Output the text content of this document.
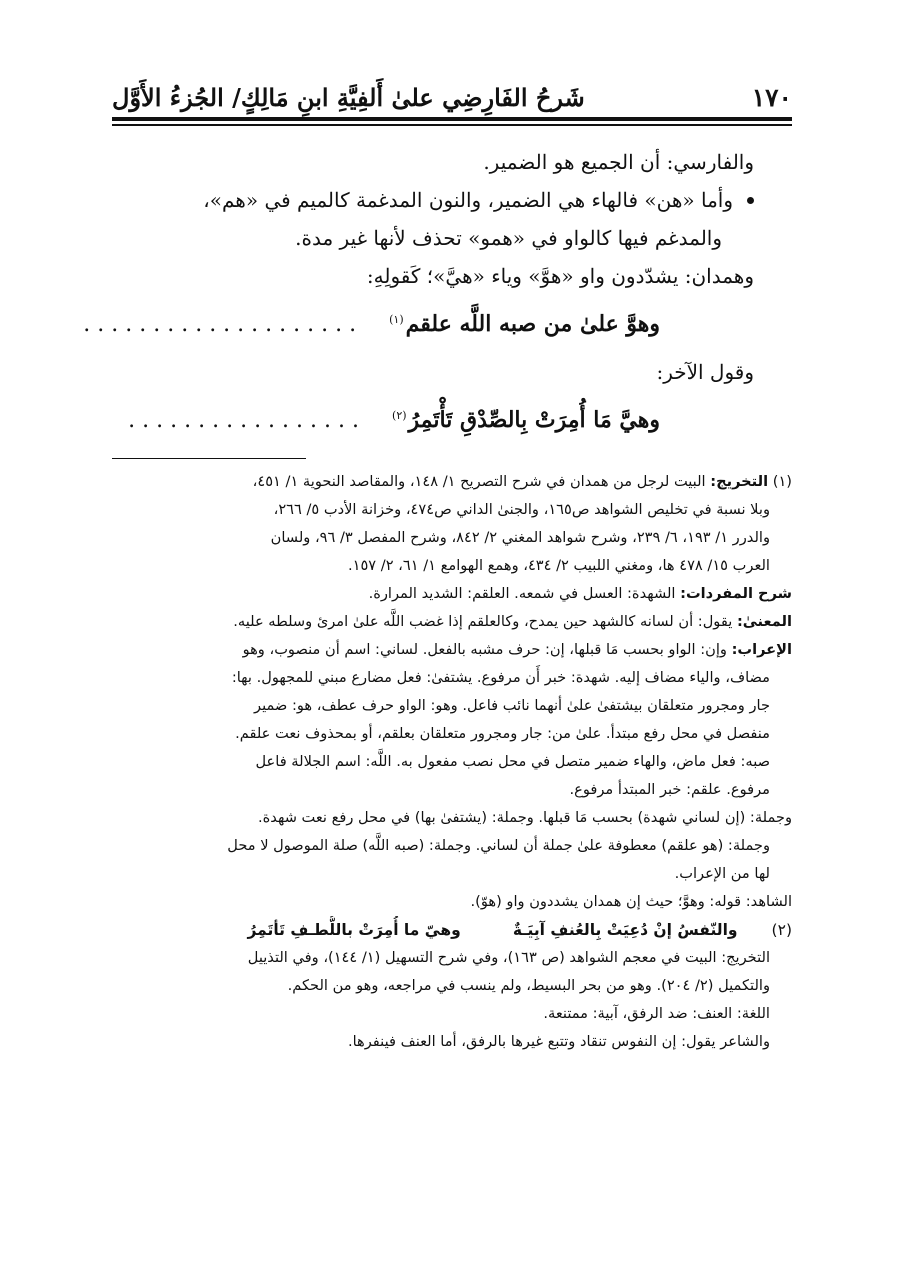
١٧٠
شَرحُ الفَارِضِي علىٰ أَلفِيَّةِ ابنِ مَالِكٍ/ الجُزءُ الأَوَّل
والفارسي: أن الجميع هو الضمير.
وأما «هن» فالهاء هي الضمير، والنون المدغمة كالميم في «هم»،
والمدغم فيها كالواو في «همو» تحذف لأنها غير مدة.
وهمدان: يشدّدون واو «هوَّ» وياء «هيَّ»؛ كَقولِهِ:
وهوَّ علىٰ من صبه اللَّه علقم$^{(١)}$
....................
وقول الآخر:
وهيَّ مَا أُمِرَتْ بِالصِّدْقِ تَأْتَمِرُ$^{(٢)}$
.................
(١) التخريج: البيت لرجل من همدان في شرح التصريح ١/ ١٤٨، والمقاصد النحوية ١/ ٤٥١،
وبلا نسبة في تخليص الشواهد ص١٦٥، والجنىٰ الداني ص٤٧٤، وخزانة الأدب ٥/ ٢٦٦،
والدرر ١/ ١٩٣، ٦/ ٢٣٩، وشرح شواهد المغني ٢/ ٨٤٢، وشرح المفصل ٣/ ٩٦، ولسان
العرب ١٥/ ٤٧٨ ها، ومغني اللبيب ٢/ ٤٣٤، وهمع الهوامع ١/ ٦١، ٢/ ١٥٧.
شرح المفردات: الشهدة: العسل في شمعه. العلقم: الشديد المرارة.
المعنىٰ: يقول: أن لسانه كالشهد حين يمدح، وكالعلقم إذا غضب اللَّه علىٰ امرئ وسلطه عليه.
الإعراب: وإن: الواو بحسب مَا قبلها، إن: حرف مشبه بالفعل. لساني: اسم أن منصوب، وهو
مضاف، والياء مضاف إليه. شهدة: خبر أَن مرفوع. يشتفىٰ: فعل مضارع مبني للمجهول. بها:
جار ومجرور متعلقان بيشتفىٰ علىٰ أنهما نائب فاعل. وهو: الواو حرف عطف، هو: ضمير
منفصل في محل رفع مبتدأ. علىٰ من: جار ومجرور متعلقان بعلقم، أو بمحذوف نعت علقم.
صبه: فعل ماض، والهاء ضمير متصل في محل نصب مفعول به. اللَّه: اسم الجلالة فاعل
مرفوع. علقم: خبر المبتدأ مرفوع.
وجملة: (إن لساني شهدة) بحسب مَا قبلها. وجملة: (يشتفىٰ بها) في محل رفع نعت شهدة.
وجملة: (هو علقم) معطوفة علىٰ جملة أن لساني. وجملة: (صبه اللَّه) صلة الموصول لا محل
لها من الإعراب.
الشاهد: قوله: وهوَّ؛ حيث إن همدان يشددون واو (هوّ).
(٢)
والنّفسُ إنْ دُعِيَتْ بِالعُنفِ آبِيَـةٌ
وهيّ ما أُمِرَتْ باللُّطـفِ تَأتَمِرُ
التخريج: البيت في معجم الشواهد (ص ١٦٣)، وفي شرح التسهيل (١/ ١٤٤)، وفي التذييل
والتكميل (٢/ ٢٠٤). وهو من بحر البسيط، ولم ينسب في مراجعه، وهو من الحكم.
اللغة: العنف: ضد الرفق، آبية: ممتنعة.
والشاعر يقول: إن النفوس تنقاد وتتبع غيرها بالرفق، أما العنف فينفرها.
